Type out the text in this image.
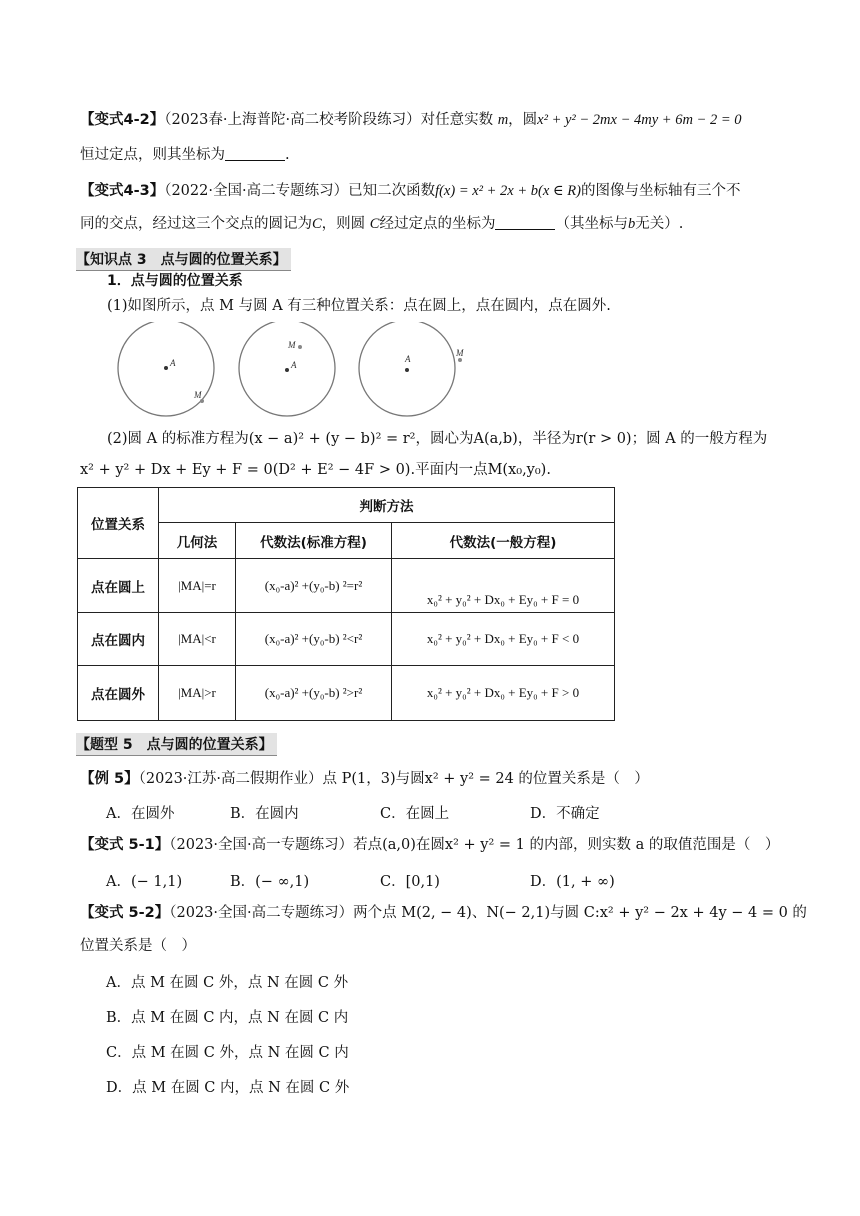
【变式4-2】（2023春·上海普陀·高二校考阶段练习）对任意实数 m，圆x² + y² − 2mx − 4my + 6m − 2 = 0
恒过定点，则其坐标为	.
【变式4-3】（2022·全国·高二专题练习）已知二次函数f(x) = x² + 2x + b(x ∈ R)的图像与坐标轴有三个不
同的交点，经过这三个交点的圆记为C，则圆 C经过定点的坐标为	（其坐标与b无关）.
【知识点 3　点与圆的位置关系】
1．点与圆的位置关系
(1)如图所示，点 M 与圆 A 有三种位置关系：点在圆上，点在圆内，点在圆外.
A
M
A
M
A
M
(2)圆 A 的标准方程为(x − a)² + (y − b)² = r²，圆心为A(a,b)，半径为r(r > 0)；圆 A 的一般方程为
x² + y² + Dx + Ey + F = 0(D² + E² − 4F > 0).平面内一点M(x₀,y₀).
位置关系	判断方法		
	几何法	代数法(标准方程)	代数法(一般方程)
点在圆上	|MA|=r	(x₀-a)² +(y₀-b) ²=r²	x₀² + y₀² + Dx₀ + Ey₀ + F = 0
点在圆内	|MA|<r	(x₀-a)² +(y₀-b) ²<r²	x₀² + y₀² + Dx₀ + Ey₀ + F < 0
点在圆外	|MA|>r	(x₀-a)² +(y₀-b) ²>r²	x₀² + y₀² + Dx₀ + Ey₀ + F > 0
【题型 5　点与圆的位置关系】
【例 5】（2023·江苏·高二假期作业）点 P(1，3)与圆x² + y² = 24 的位置关系是（　）
A．在圆外	B．在圆内	C．在圆上	D．不确定
【变式 5-1】（2023·全国·高一专题练习）若点(a,0)在圆x² + y² = 1 的内部，则实数 a 的取值范围是（　）
A．(− 1,1)	B．(− ∞,1)	C．[0,1)	D．(1, + ∞)
【变式 5-2】（2023·全国·高二专题练习）两个点 M(2, − 4)、N(− 2,1)与圆 C:x² + y² − 2x + 4y − 4 = 0 的
位置关系是（　）
A．点 M 在圆 C 外，点 N 在圆 C 外
B．点 M 在圆 C 内，点 N 在圆 C 内
C．点 M 在圆 C 外，点 N 在圆 C 内
D．点 M 在圆 C 内，点 N 在圆 C 外
